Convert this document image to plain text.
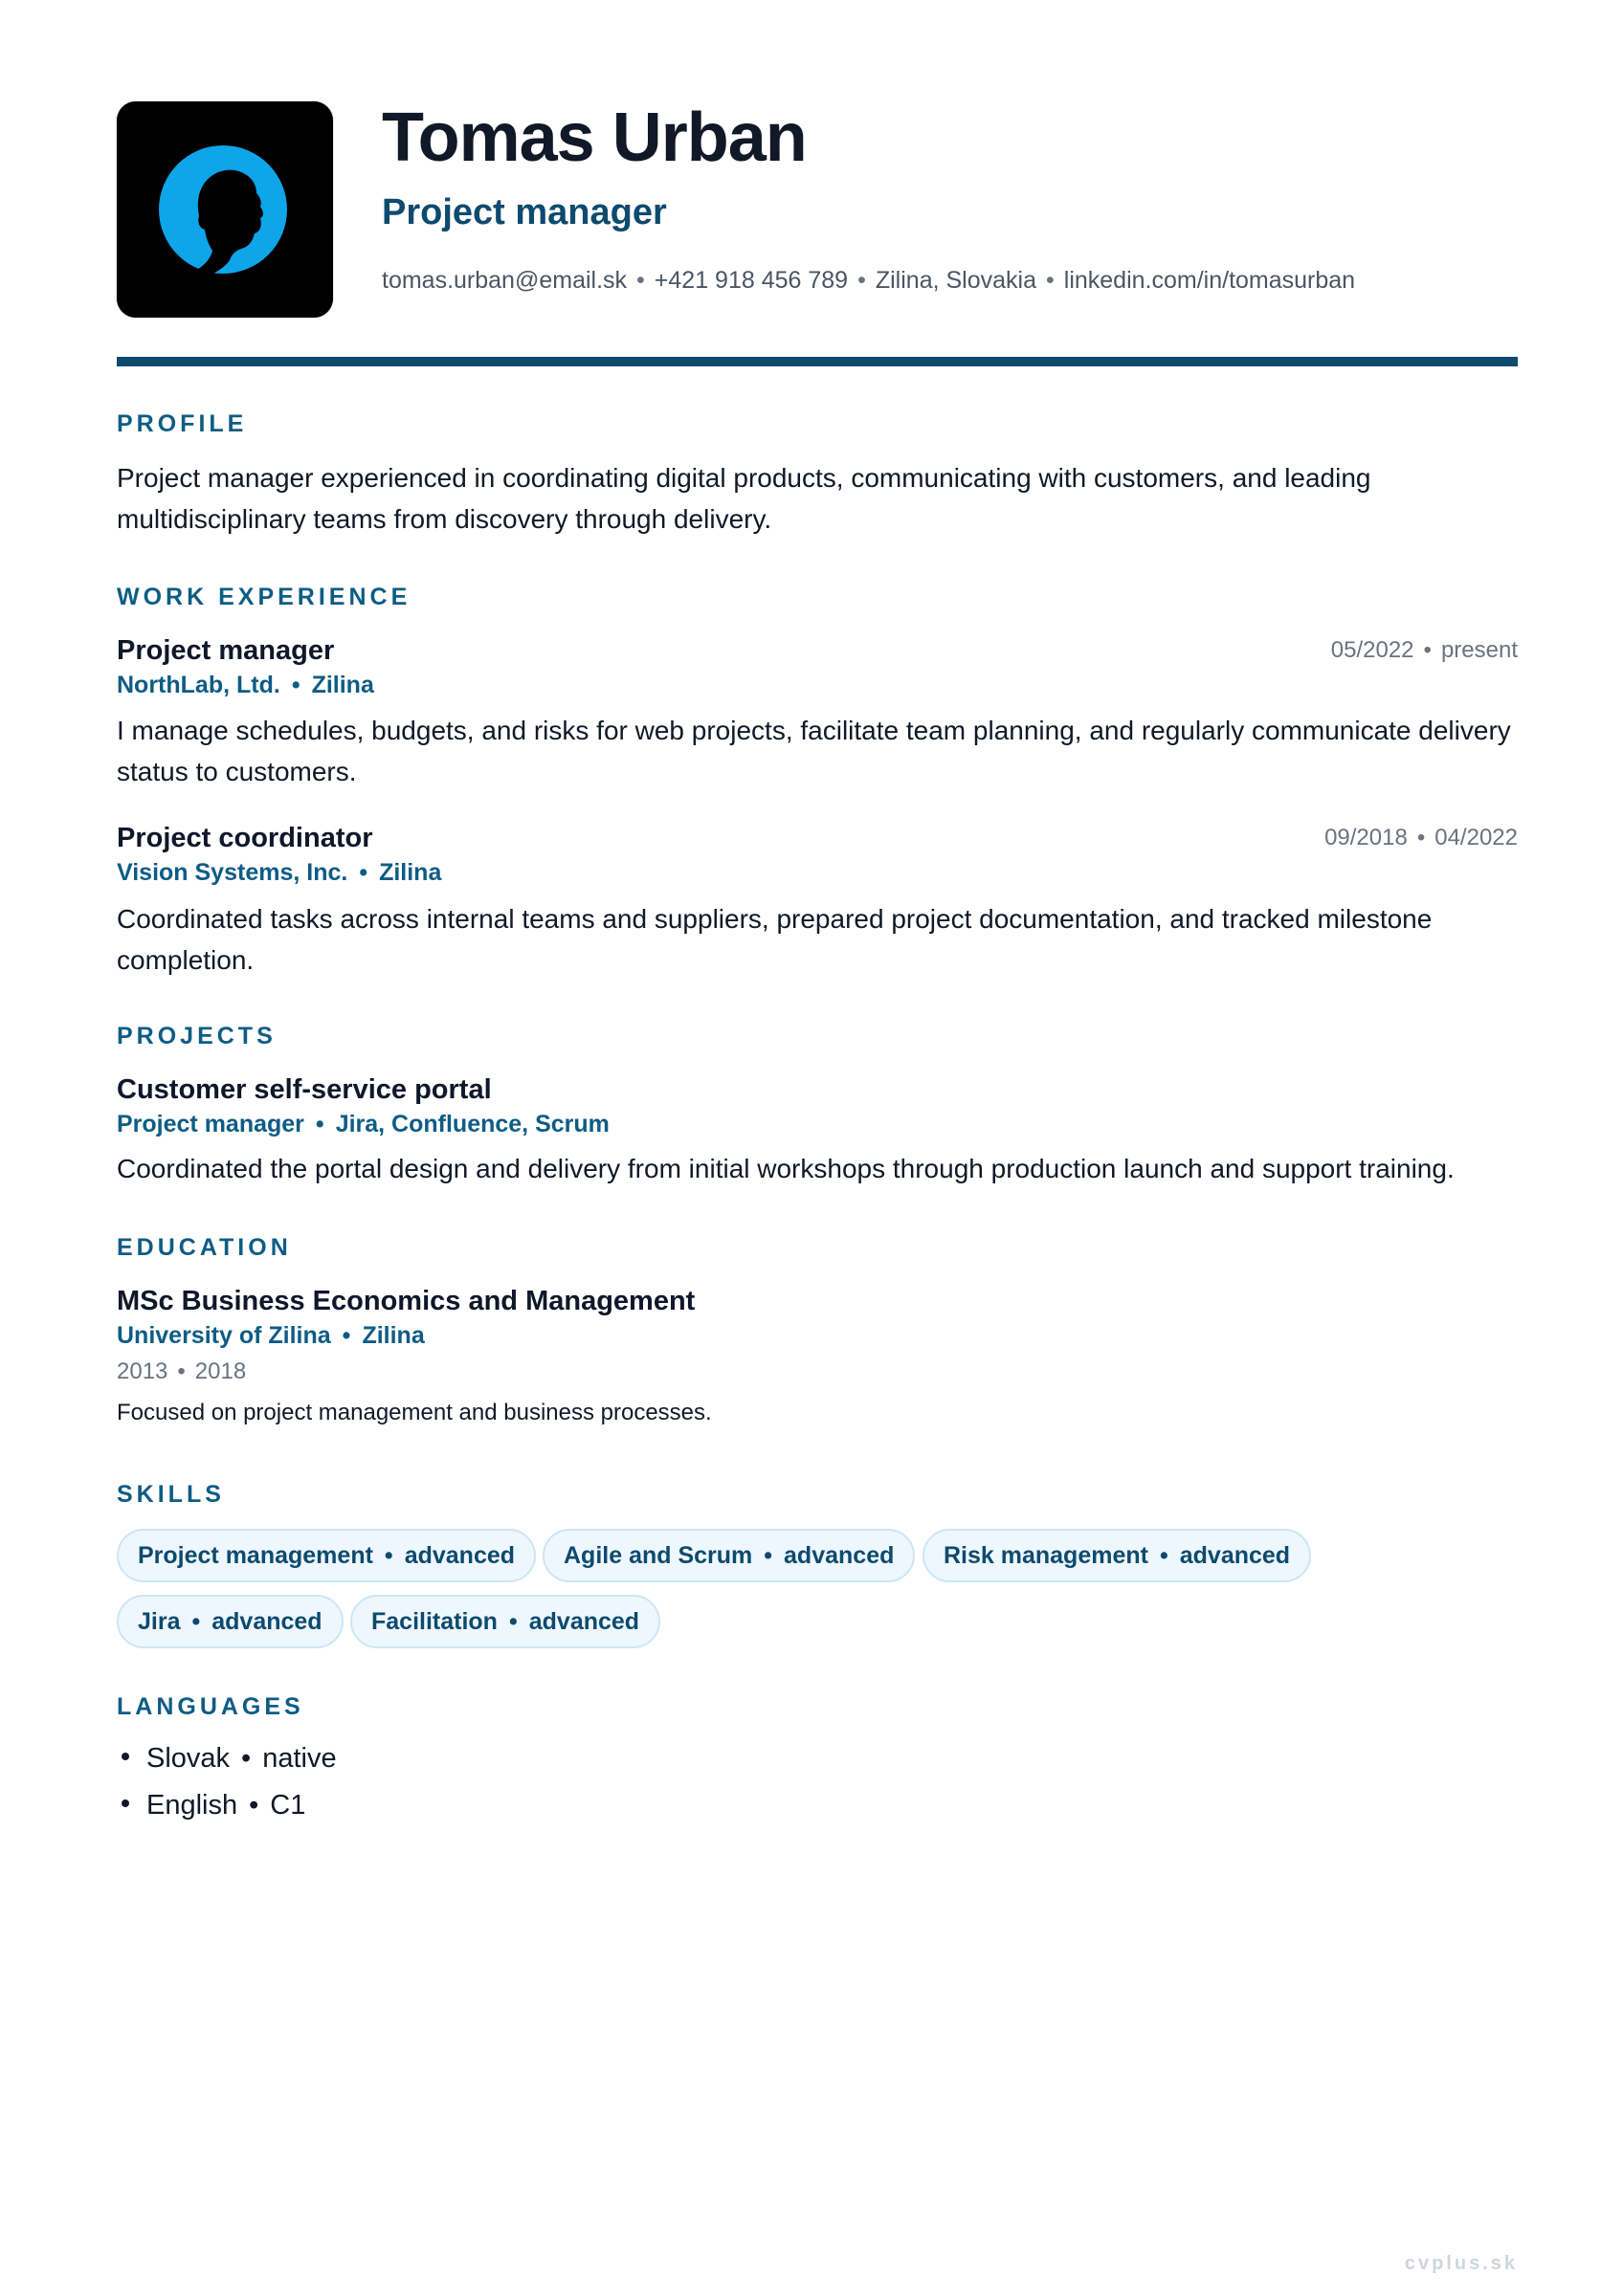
Tomas Urban
Project manager
tomas.urban@email.sk • +421 918 456 789 • Zilina, Slovakia • linkedin.com/in/tomasurban
PROFILE
Project manager experienced in coordinating digital products, communicating with customers, and leading multidisciplinary teams from discovery through delivery.
WORK EXPERIENCE
Project manager	05/2022 • present
NorthLab, Ltd. • Zilina
I manage schedules, budgets, and risks for web projects, facilitate team planning, and regularly communicate delivery status to customers.
Project coordinator	09/2018 • 04/2022
Vision Systems, Inc. • Zilina
Coordinated tasks across internal teams and suppliers, prepared project documentation, and tracked milestone completion.
PROJECTS
Customer self-service portal
Project manager • Jira, Confluence, Scrum
Coordinated the portal design and delivery from initial workshops through production launch and support training.
EDUCATION
MSc Business Economics and Management
University of Zilina • Zilina
2013 • 2018
Focused on project management and business processes.
SKILLS
Project management • advanced	Agile and Scrum • advanced	Risk management • advanced
Jira • advanced	Facilitation • advanced
LANGUAGES
Slovak • native
English • C1
cvplus.sk
